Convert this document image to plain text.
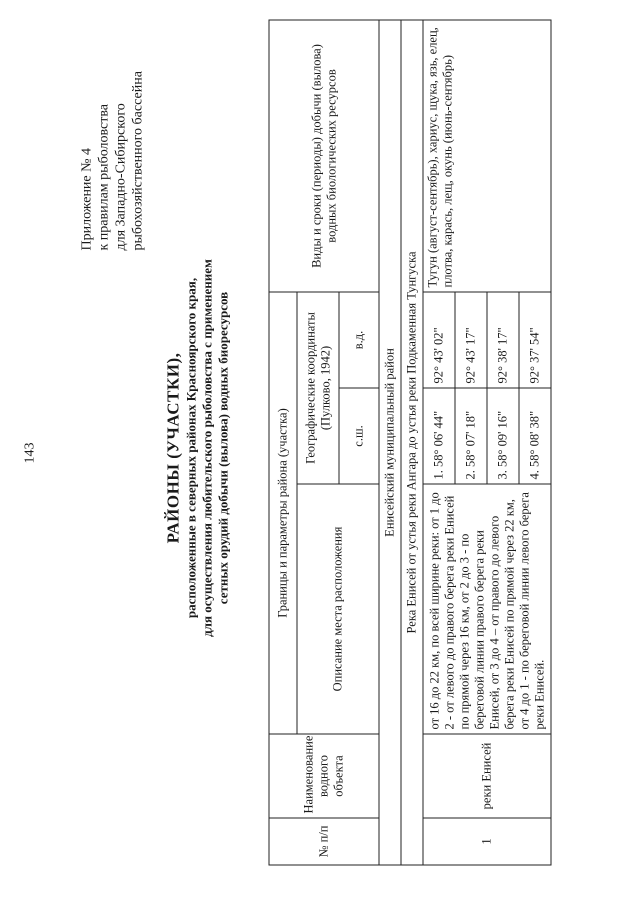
143
Приложение № 4 к правилам рыболовства для Западно-Сибирского рыбохозяйственного бассейна
РАЙОНЫ (УЧАСТКИ), расположенные в северных районах Красноярского края, для осуществления любительского рыболовства с применением сетных орудий добычи (вылова) водных биоресурсов
№ п/п	Наименование водного объекта	Границы и параметры района (участка)			Виды и сроки (периоды) добычи (вылова) водных биологических ресурсов
		Описание места расположения	Географические координаты (Пулково, 1942)		
			с.ш.	в.д.	
Енисейский муниципальный район					
Река Енисей от устья реки Ангара до устья реки Подкаменная Тунгуска					
1	реки Енисей	от 16 до 22 км, по всей ширине реки: от 1 до 2 - от левого до правого берега реки Енисей по прямой через 16 км, от 2 до 3 - по береговой линии правого берега реки Енисей, от 3 до 4 – от правого до левого берега реки Енисей по прямой через 22 км, от 4 до 1 - по береговой линии левого берега реки Енисей.	1. 58° 06' 44"	92° 43' 02"	Тугун (август-сентябрь), хариус, щука, язь, елец, плотва, карась, лещ, окунь (июнь-сентябрь)
			2. 58° 07' 18"	92° 43' 17"	
			3. 58° 09' 16"	92° 38' 17"	
			4. 58° 08' 38"	92° 37' 54"	
